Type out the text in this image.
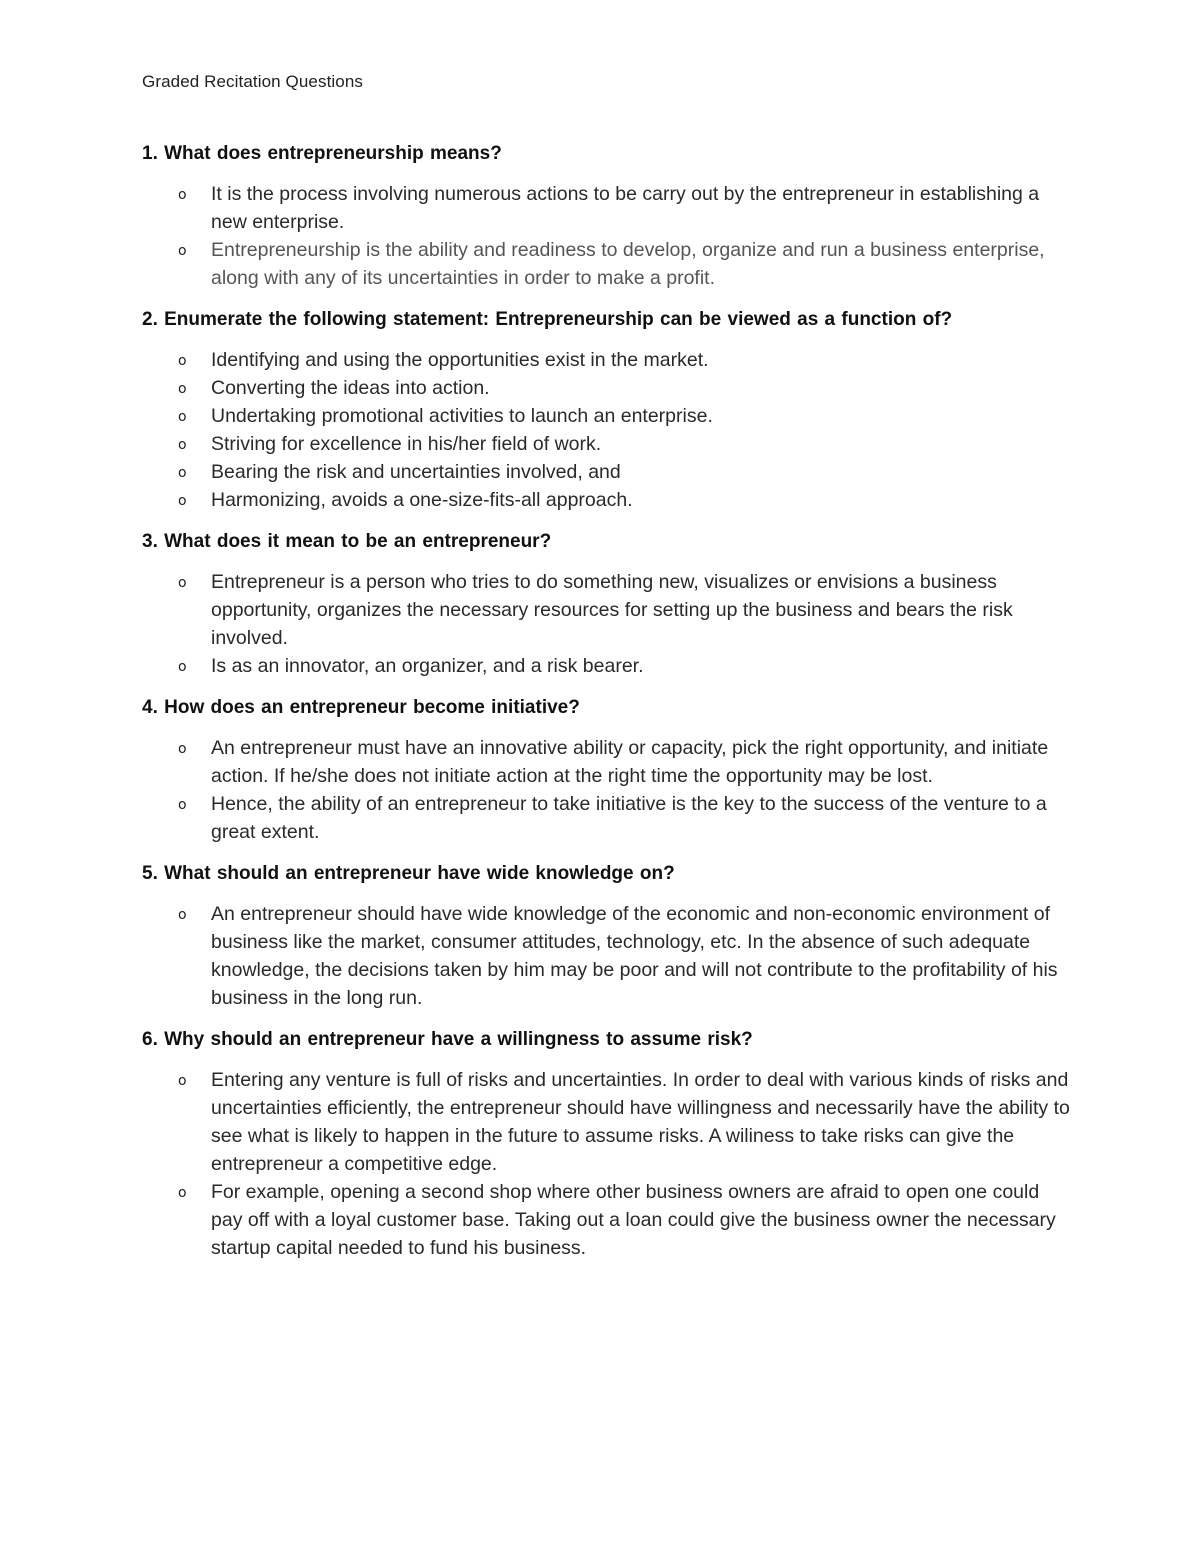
Graded Recitation Questions

1. What does entrepreneurship means?

o It is the process involving numerous actions to be carry out by the entrepreneur in establishing a new enterprise.
o Entrepreneurship is the ability and readiness to develop, organize and run a business enterprise, along with any of its uncertainties in order to make a profit.

2. Enumerate the following statement: Entrepreneurship can be viewed as a function of?

o Identifying and using the opportunities exist in the market.
o Converting the ideas into action.
o Undertaking promotional activities to launch an enterprise.
o Striving for excellence in his/her field of work.
o Bearing the risk and uncertainties involved, and
o Harmonizing, avoids a one-size-fits-all approach.

3. What does it mean to be an entrepreneur?

o Entrepreneur is a person who tries to do something new, visualizes or envisions a business opportunity, organizes the necessary resources for setting up the business and bears the risk involved.
o Is as an innovator, an organizer, and a risk bearer.

4. How does an entrepreneur become initiative?

o An entrepreneur must have an innovative ability or capacity, pick the right opportunity, and initiate action. If he/she does not initiate action at the right time the opportunity may be lost.
o Hence, the ability of an entrepreneur to take initiative is the key to the success of the venture to a great extent.

5. What should an entrepreneur have wide knowledge on?

o An entrepreneur should have wide knowledge of the economic and non-economic environment of business like the market, consumer attitudes, technology, etc. In the absence of such adequate knowledge, the decisions taken by him may be poor and will not contribute to the profitability of his business in the long run.

6. Why should an entrepreneur have a willingness to assume risk?

o Entering any venture is full of risks and uncertainties. In order to deal with various kinds of risks and uncertainties efficiently, the entrepreneur should have willingness and necessarily have the ability to see what is likely to happen in the future to assume risks. A wiliness to take risks can give the entrepreneur a competitive edge.
o For example, opening a second shop where other business owners are afraid to open one could pay off with a loyal customer base. Taking out a loan could give the business owner the necessary startup capital needed to fund his business.
